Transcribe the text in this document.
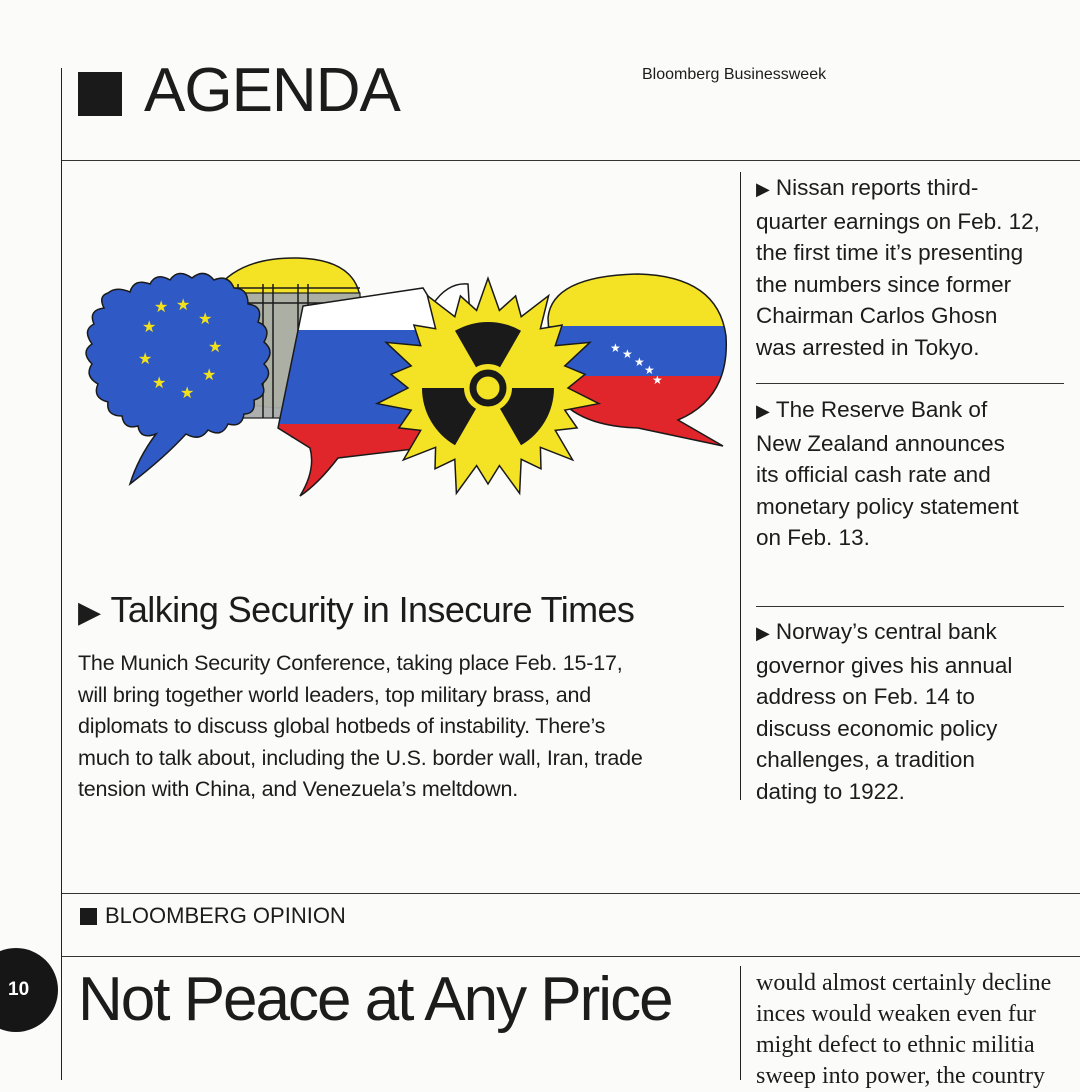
AGENDA	Bloomberg Businessweek
★ ★
★
★
★
★
★
★
★
★
★
★
★
★
▶ Talking Security in Insecure Times
The Munich Security Conference, taking place Feb. 15-17,
will bring together world leaders, top military brass, and
diplomats to discuss global hotbeds of instability. There’s
much to talk about, including the U.S. border wall, Iran, trade
tension with China, and Venezuela’s meltdown.
▶ Nissan reports third-
quarter earnings on Feb. 12,
the first time it’s presenting
the numbers since former
Chairman Carlos Ghosn
was arrested in Tokyo.
▶ The Reserve Bank of
New Zealand announces
its official cash rate and
monetary policy statement
on Feb. 13.
▶ Norway’s central bank
governor gives his annual
address on Feb. 14 to
discuss economic policy
challenges, a tradition
dating to 1922.
BLOOMBERG OPINION
10 Not Peace at Any Price	would almost certainly decline
inces would weaken even fur
might defect to ethnic militia
sweep into power, the country
